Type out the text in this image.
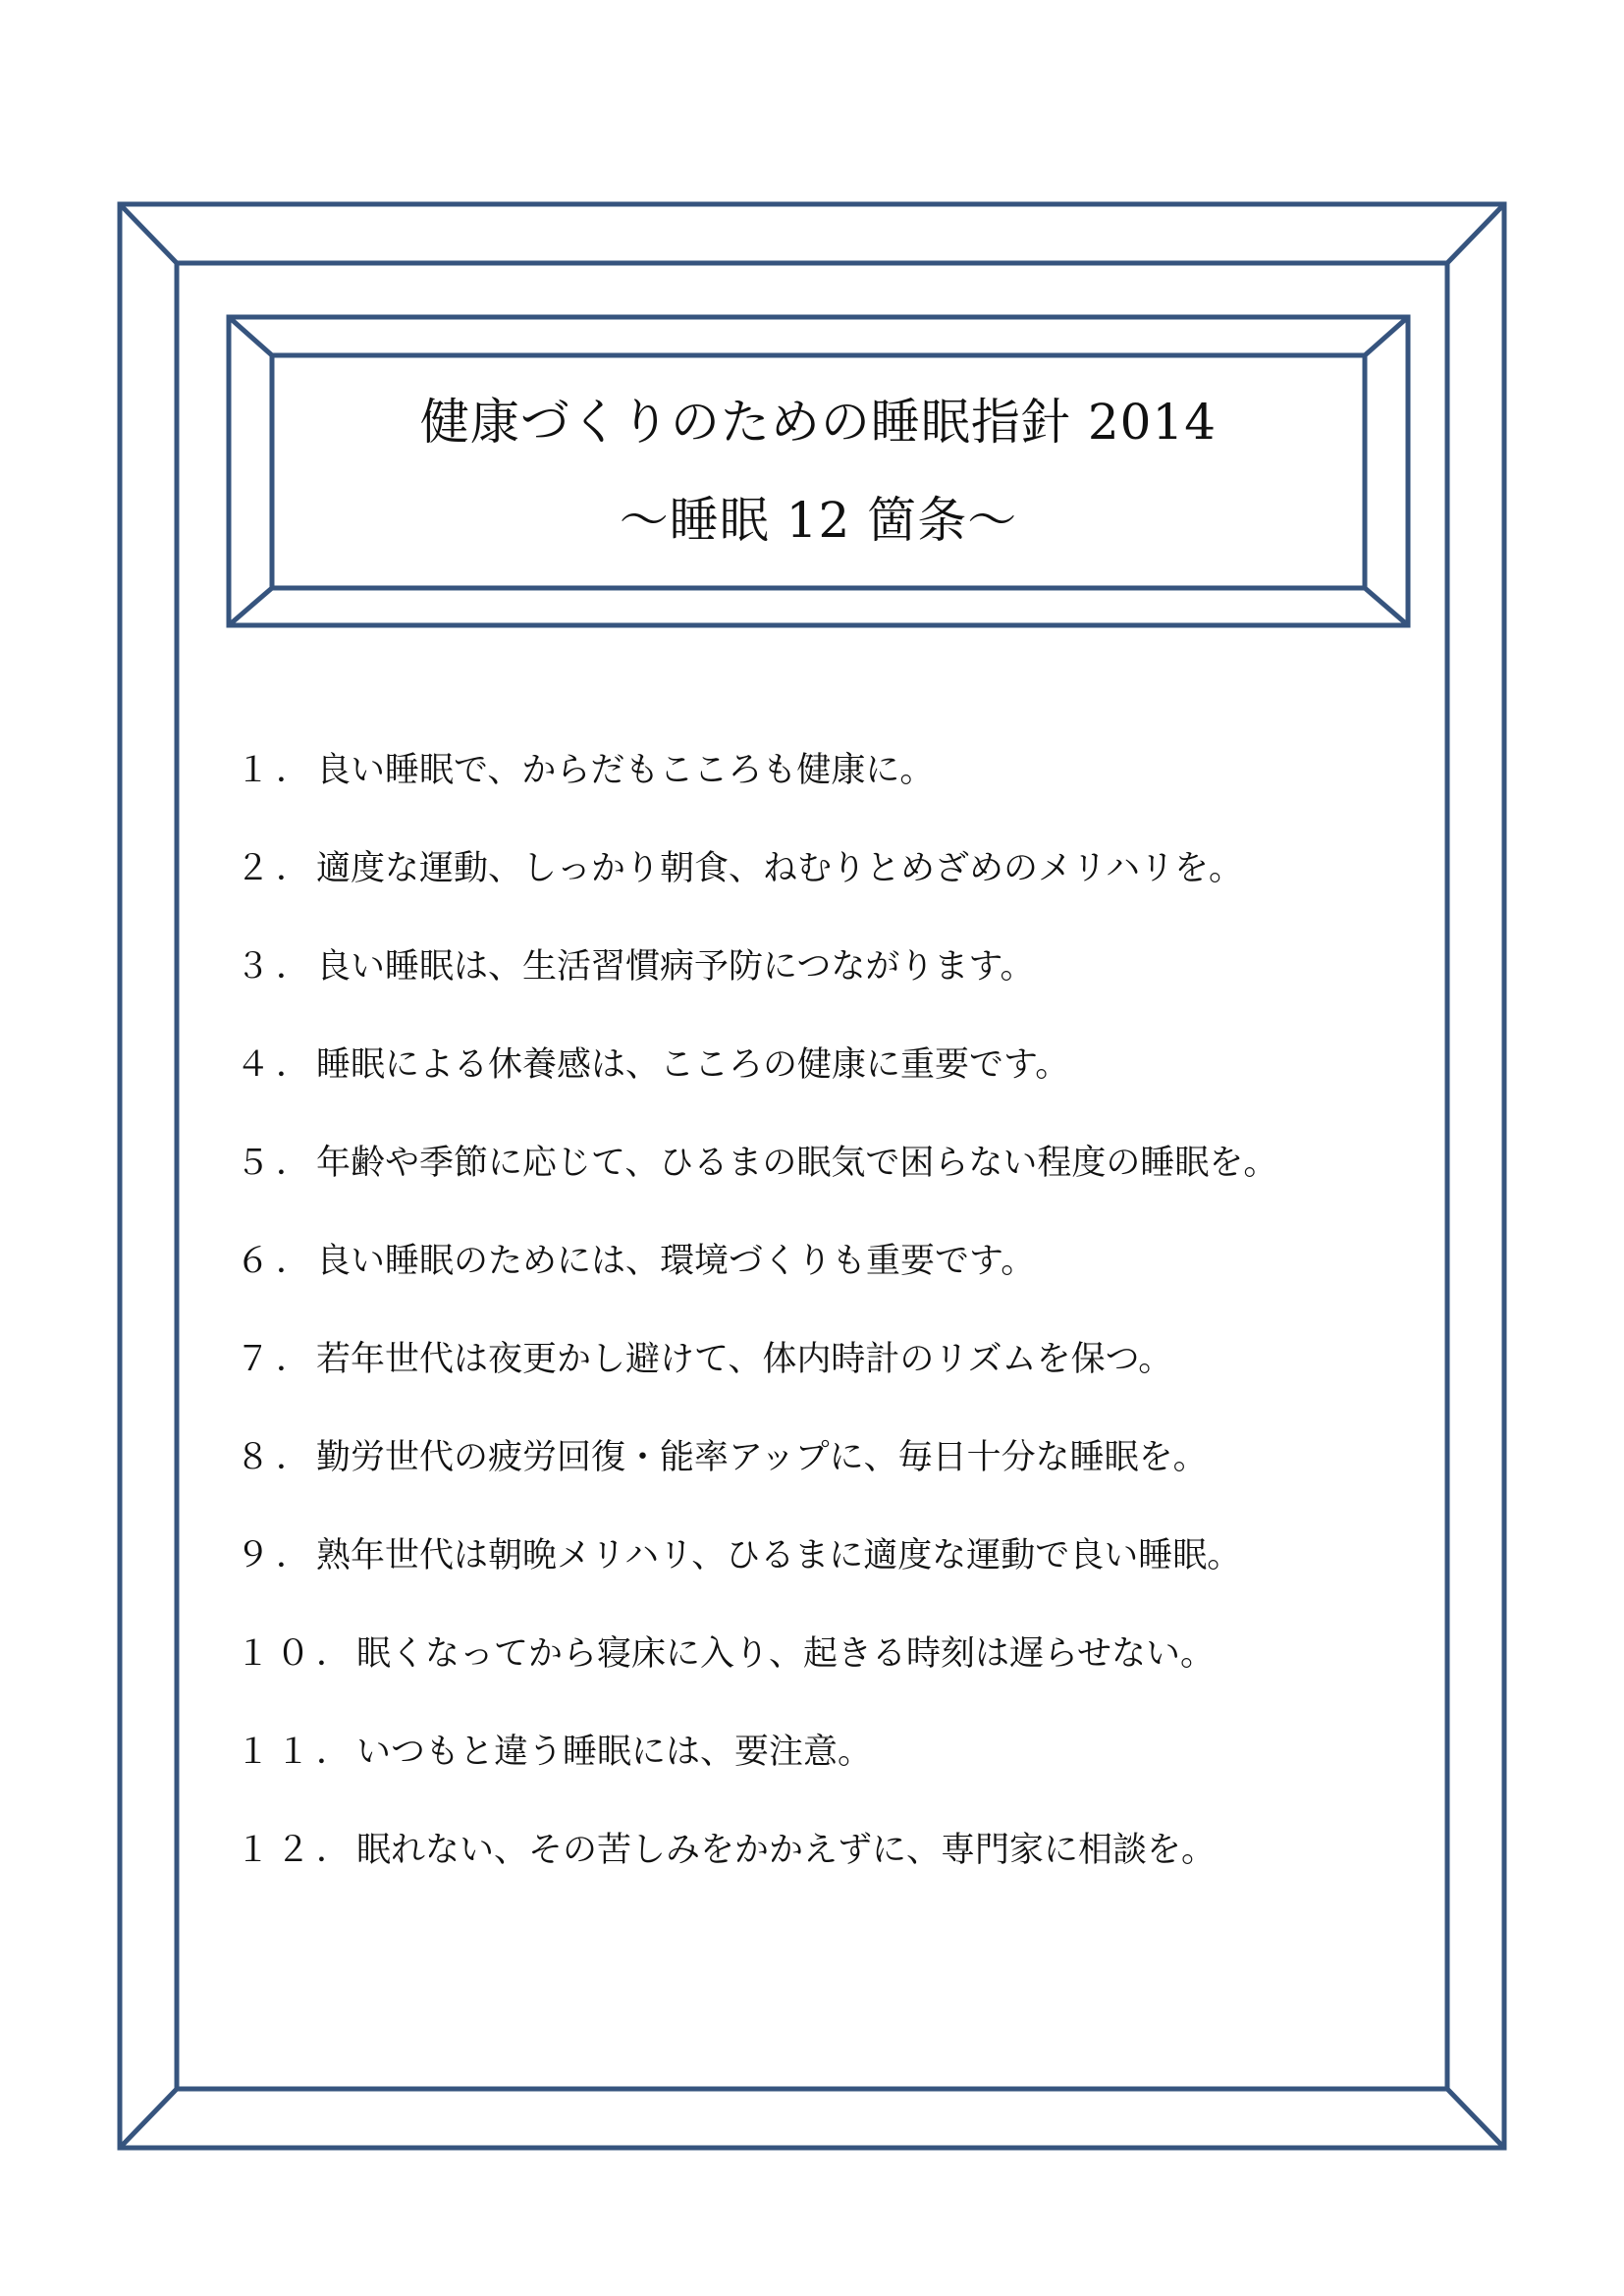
健康づくりのための睡眠指針 2014
〜睡眠 12 箇条〜
１． 良い睡眠で、からだもこころも健康に。
２． 適度な運動、しっかり朝食、ねむりとめざめのメリハリを。
３． 良い睡眠は、生活習慣病予防につながります。
４． 睡眠による休養感は、こころの健康に重要です。
５． 年齢や季節に応じて、ひるまの眠気で困らない程度の睡眠を。
６． 良い睡眠のためには、環境づくりも重要です。
７． 若年世代は夜更かし避けて、体内時計のリズムを保つ。
８． 勤労世代の疲労回復・能率アップに、毎日十分な睡眠を。
９． 熟年世代は朝晩メリハリ、ひるまに適度な運動で良い睡眠。
１０． 眠くなってから寝床に入り、起きる時刻は遅らせない。
１１． いつもと違う睡眠には、要注意。
１２． 眠れない、その苦しみをかかえずに、専門家に相談を。
